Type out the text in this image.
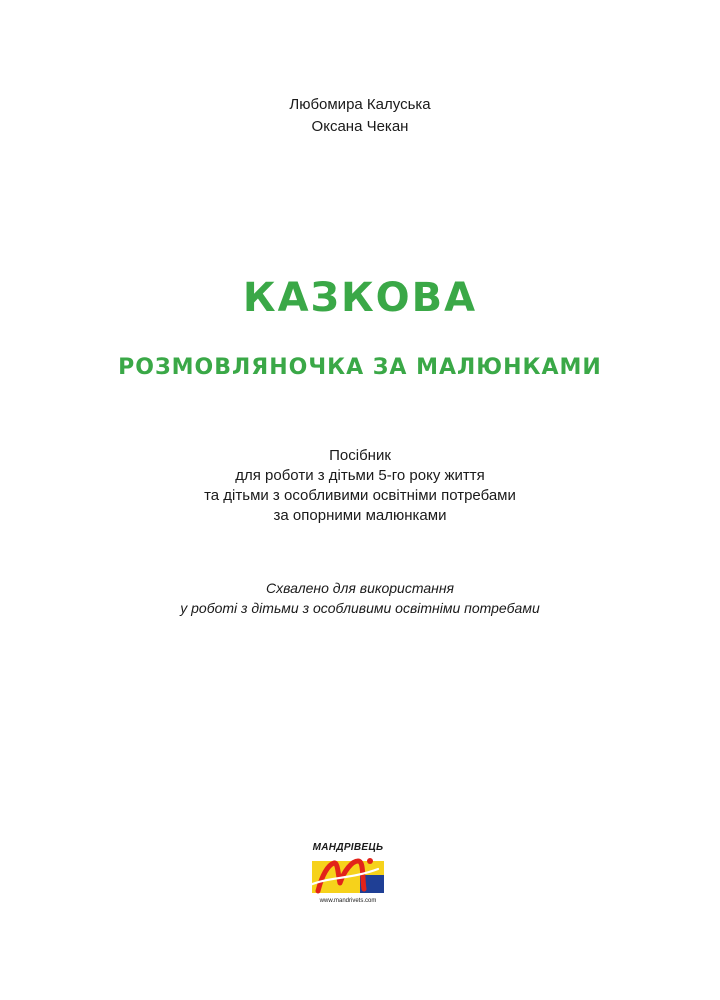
Любомира Калуська
Оксана Чекан
КАЗКОВА
РОЗМОВЛЯНОЧКА ЗА МАЛЮНКАМИ
Посібник
для роботи з дітьми 5-го року життя
та дітьми з особливими освітніми потребами
за опорними малюнками
Схвалено для використання
у роботі з дітьми з особливими освітніми потребами
МАНДРІВЕЦЬ
www.mandrivets.com
